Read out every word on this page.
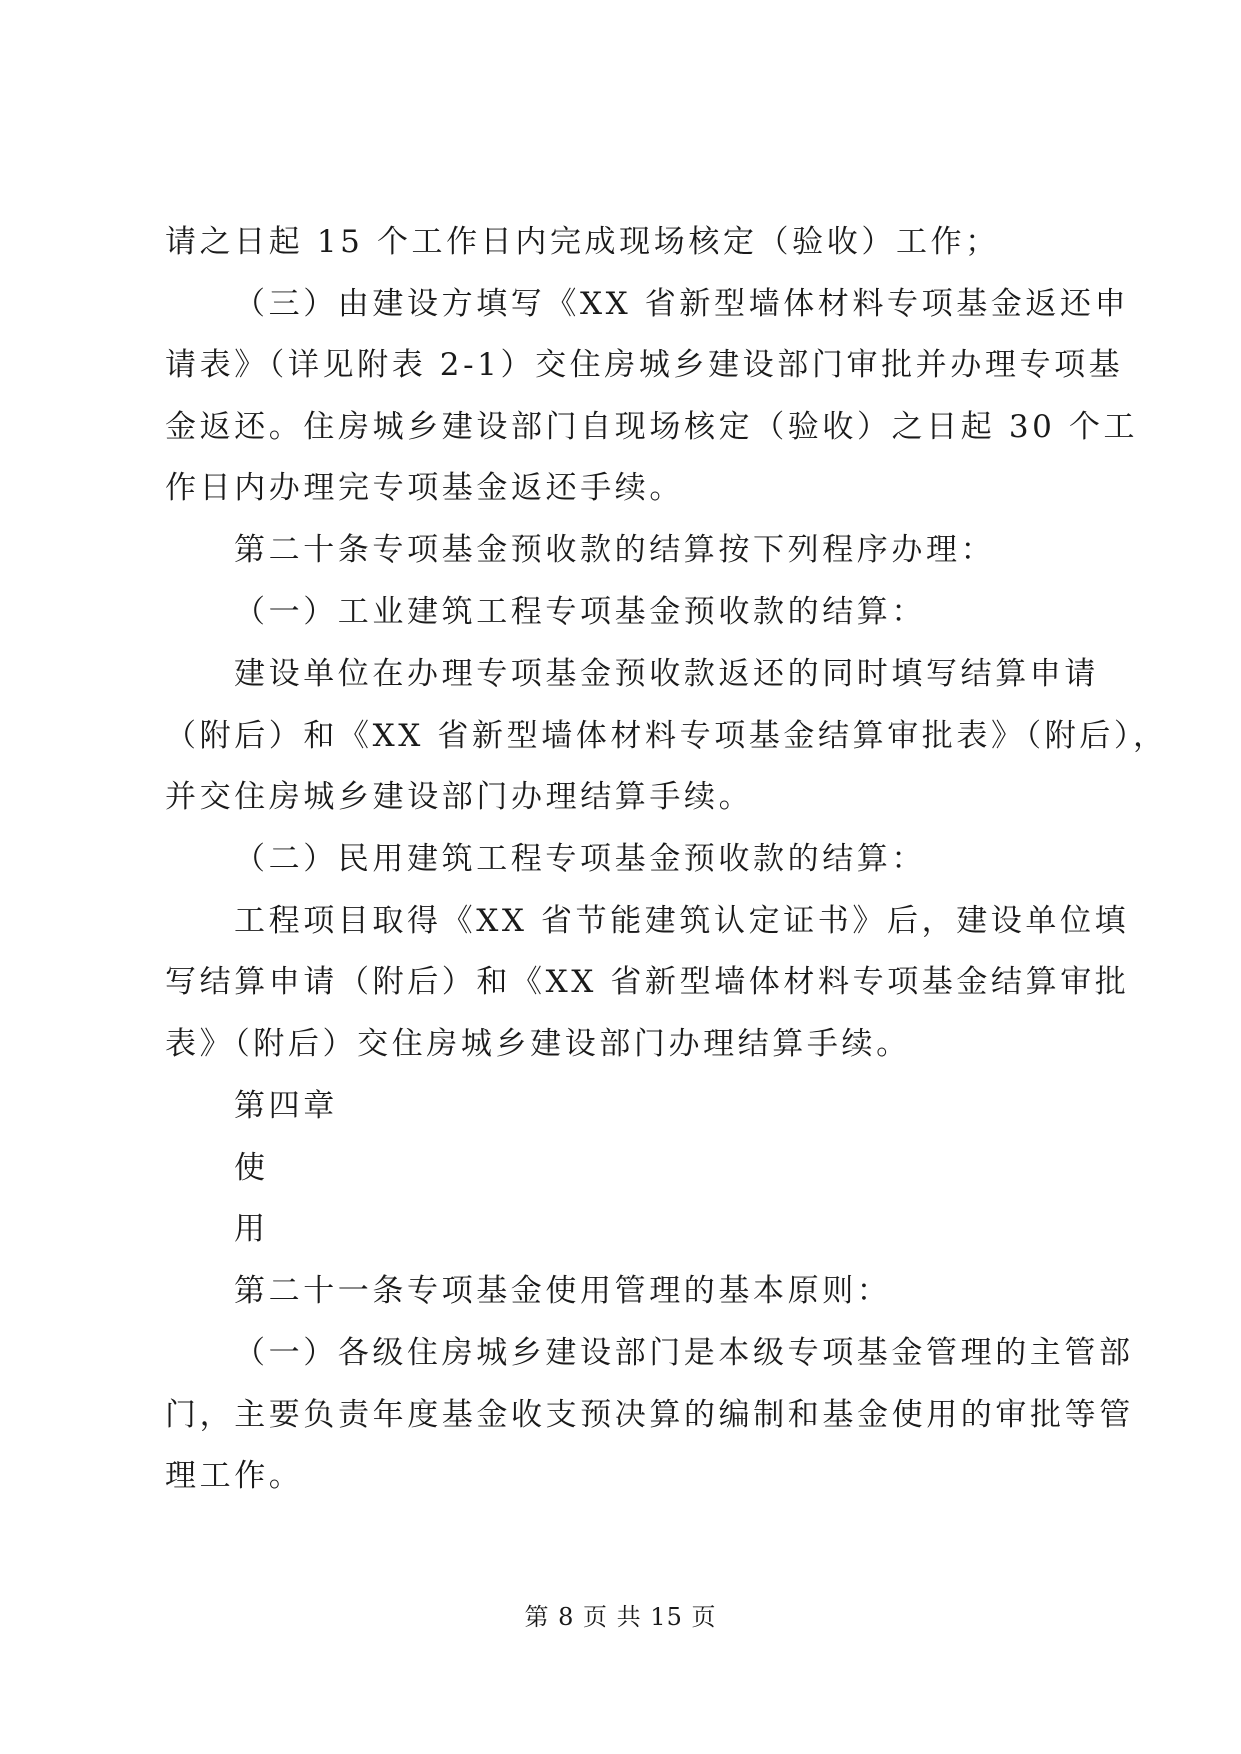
请之日起 15 个工作日内完成现场核定（验收）工作；
（三）由建设方填写《XX 省新型墙体材料专项基金返还申
请表》（详见附表 2-1）交住房城乡建设部门审批并办理专项基
金返还。住房城乡建设部门自现场核定（验收）之日起 30 个工
作日内办理完专项基金返还手续。
第二十条专项基金预收款的结算按下列程序办理：
（一）工业建筑工程专项基金预收款的结算：
建设单位在办理专项基金预收款返还的同时填写结算申请
（附后）和《XX 省新型墙体材料专项基金结算审批表》（附后），
并交住房城乡建设部门办理结算手续。
（二）民用建筑工程专项基金预收款的结算：
工程项目取得《XX 省节能建筑认定证书》后，建设单位填
写结算申请（附后）和《XX 省新型墙体材料专项基金结算审批
表》（附后）交住房城乡建设部门办理结算手续。
第四章
使
用
第二十一条专项基金使用管理的基本原则：
（一）各级住房城乡建设部门是本级专项基金管理的主管部
门，主要负责年度基金收支预决算的编制和基金使用的审批等管
理工作。
第 8 页 共 15 页
